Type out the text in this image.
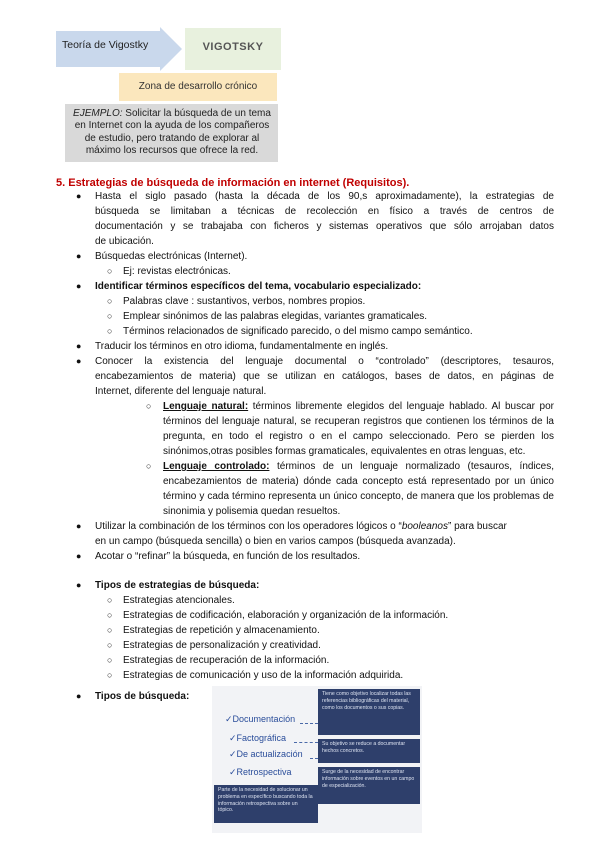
Teoría de Vigostky	VIGOTSKY
Zona de desarrollo crónico
EJEMPLO: Solicitar la búsqueda de un tema en Internet con la ayuda de los compañeros de estudio, pero tratando de explorar al máximo los recursos que ofrece la red.
5. Estrategias de búsqueda de información en internet (Requisitos).
● Hasta el siglo pasado (hasta la década de los 90,s aproximadamente), la estrategias de
búsqueda se limitaban a técnicas de recolección en físico a través de centros de
documentación y se trabajaba con ficheros y sistemas operativos que sólo arrojaban datos
de ubicación.
● Búsquedas electrónicas (Internet).
○ Ej: revistas electrónicas.
● Identificar términos específicos del tema, vocabulario especializado:
○ Palabras clave : sustantivos, verbos, nombres propios.
○ Emplear sinónimos de las palabras elegidas, variantes gramaticales.
○ Términos relacionados de significado parecido, o del mismo campo semántico.
● Traducir los términos en otro idioma, fundamentalmente en inglés.
● Conocer la existencia del lenguaje documental o “controlado” (descriptores, tesauros,
encabezamientos de materia) que se utilizan en catálogos, bases de datos, en páginas de
Internet, diferente del lenguaje natural.
○ Lenguaje natural: términos libremente elegidos del lenguaje hablado. Al buscar por
términos del lenguaje natural, se recuperan registros que contienen los términos de la
pregunta, en todo el registro o en el campo seleccionado. Pero se pierden los
sinónimos,otras posibles formas gramaticales, equivalentes en otras lenguas, etc.
○ Lenguaje controlado: términos de un lenguaje normalizado (tesauros, índices,
encabezamientos de materia) dónde cada concepto está representado por un único
término y cada término representa un único concepto, de manera que los problemas de
sinonimia y polisemia quedan resueltos.
● Utilizar la combinación de los términos con los operadores lógicos o “booleanos” para buscar
en un campo (búsqueda sencilla) o bien en varios campos (búsqueda avanzada).
● Acotar o “refinar” la búsqueda, en función de los resultados.
● Tipos de estrategias de búsqueda:
○ Estrategias atencionales.
○ Estrategias de codificación, elaboración y organización de la información.
○ Estrategias de repetición y almacenamiento.
○ Estrategias de personalización y creatividad.
○ Estrategias de recuperación de la información.
○ Estrategias de comunicación y uso de la información adquirida.
● Tipos de búsqueda:
✓Documentación
✓Factográfica
✓De actualización
✓Retrospectiva
Tiene como objetivo localizar todas las referencias bibliográficas del material, como los documentos o sus copias.
Su objetivo se reduce a documentar hechos concretos.
Surge de la necesidad de encontrar información sobre eventos en un campo de especialización.
Parte de la necesidad de solucionar un problema en específico buscando toda la información retrospectiva sobre un tópico.
